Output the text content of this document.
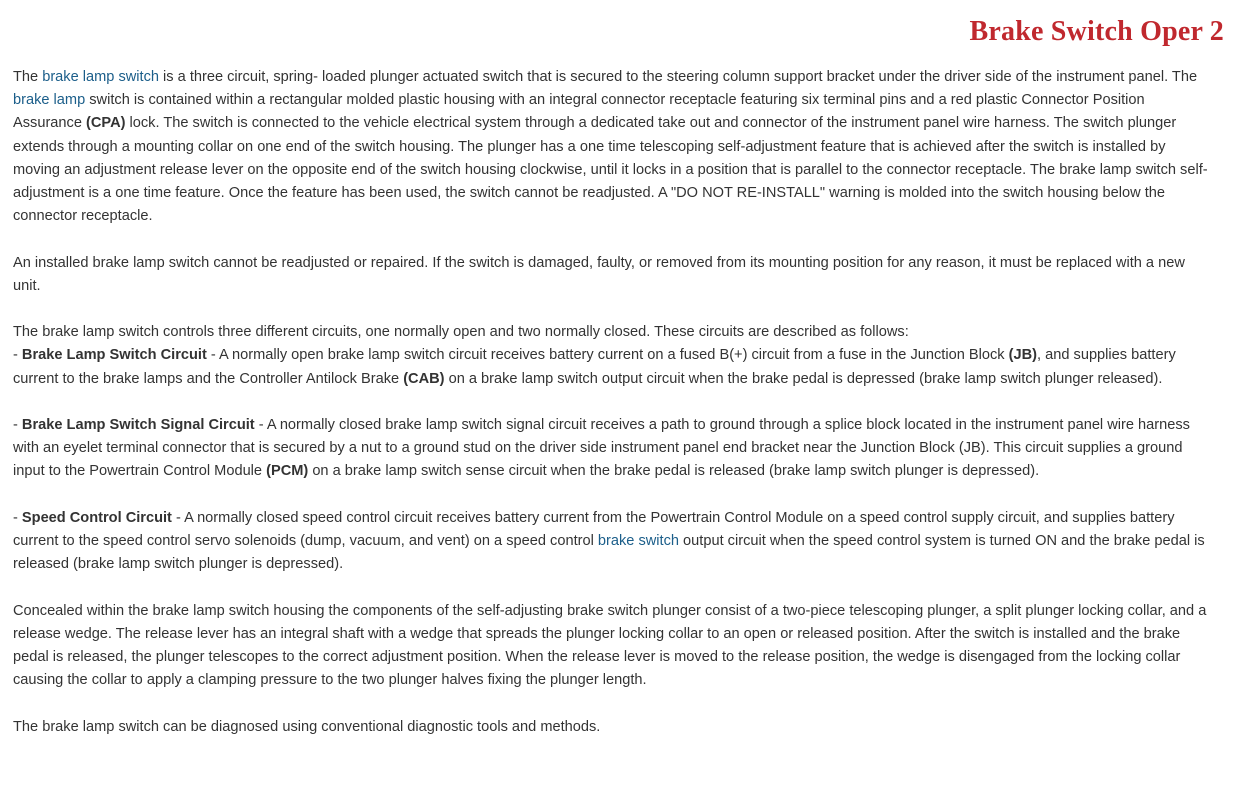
Brake Switch Oper 2

The brake lamp switch is a three circuit, spring- loaded plunger actuated switch that is secured to the steering column support bracket under the driver side of the instrument panel. The brake lamp switch is contained within a rectangular molded plastic housing with an integral connector receptacle featuring six terminal pins and a red plastic Connector Position Assurance (CPA) lock. The switch is connected to the vehicle electrical system through a dedicated take out and connector of the instrument panel wire harness. The switch plunger extends through a mounting collar on one end of the switch housing. The plunger has a one time telescoping self-adjustment feature that is achieved after the switch is installed by moving an adjustment release lever on the opposite end of the switch housing clockwise, until it locks in a position that is parallel to the connector receptacle. The brake lamp switch self-adjustment is a one time feature. Once the feature has been used, the switch cannot be readjusted. A "DO NOT RE-INSTALL" warning is molded into the switch housing below the connector receptacle.

An installed brake lamp switch cannot be readjusted or repaired. If the switch is damaged, faulty, or removed from its mounting position for any reason, it must be replaced with a new unit.

The brake lamp switch controls three different circuits, one normally open and two normally closed. These circuits are described as follows:
- Brake Lamp Switch Circuit - A normally open brake lamp switch circuit receives battery current on a fused B(+) circuit from a fuse in the Junction Block (JB), and supplies battery current to the brake lamps and the Controller Antilock Brake (CAB) on a brake lamp switch output circuit when the brake pedal is depressed (brake lamp switch plunger released).

- Brake Lamp Switch Signal Circuit - A normally closed brake lamp switch signal circuit receives a path to ground through a splice block located in the instrument panel wire harness with an eyelet terminal connector that is secured by a nut to a ground stud on the driver side instrument panel end bracket near the Junction Block (JB). This circuit supplies a ground input to the Powertrain Control Module (PCM) on a brake lamp switch sense circuit when the brake pedal is released (brake lamp switch plunger is depressed).

- Speed Control Circuit - A normally closed speed control circuit receives battery current from the Powertrain Control Module on a speed control supply circuit, and supplies battery current to the speed control servo solenoids (dump, vacuum, and vent) on a speed control brake switch output circuit when the speed control system is turned ON and the brake pedal is released (brake lamp switch plunger is depressed).

Concealed within the brake lamp switch housing the components of the self-adjusting brake switch plunger consist of a two-piece telescoping plunger, a split plunger locking collar, and a release wedge. The release lever has an integral shaft with a wedge that spreads the plunger locking collar to an open or released position. After the switch is installed and the brake pedal is released, the plunger telescopes to the correct adjustment position. When the release lever is moved to the release position, the wedge is disengaged from the locking collar causing the collar to apply a clamping pressure to the two plunger halves fixing the plunger length.

The brake lamp switch can be diagnosed using conventional diagnostic tools and methods.
